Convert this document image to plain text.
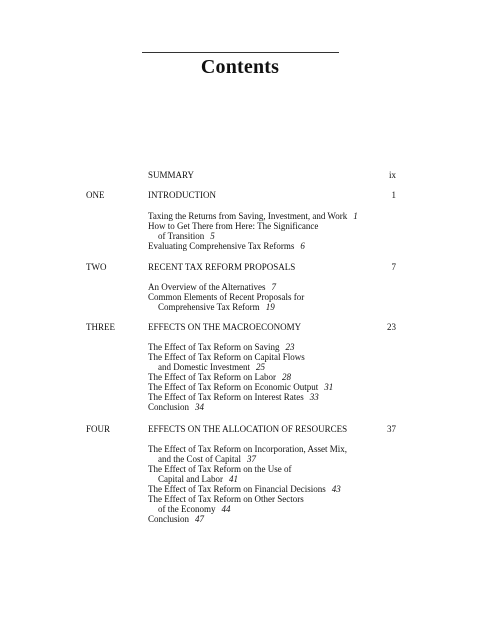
Contents
SUMMARY	ix
ONE	INTRODUCTION	1
Taxing the Returns from Saving, Investment, and Work 1
How to Get There from Here: The Significance
of Transition 5
Evaluating Comprehensive Tax Reforms 6
TWO	RECENT TAX REFORM PROPOSALS	7
An Overview of the Alternatives 7
Common Elements of Recent Proposals for
Comprehensive Tax Reform 19
THREE	EFFECTS ON THE MACROECONOMY	23
The Effect of Tax Reform on Saving 23
The Effect of Tax Reform on Capital Flows
and Domestic Investment 25
The Effect of Tax Reform on Labor 28
The Effect of Tax Reform on Economic Output 31
The Effect of Tax Reform on Interest Rates 33
Conclusion 34
FOUR	EFFECTS ON THE ALLOCATION OF RESOURCES	37
The Effect of Tax Reform on Incorporation, Asset Mix,
and the Cost of Capital 37
The Effect of Tax Reform on the Use of
Capital and Labor 41
The Effect of Tax Reform on Financial Decisions 43
The Effect of Tax Reform on Other Sectors
of the Economy 44
Conclusion 47
